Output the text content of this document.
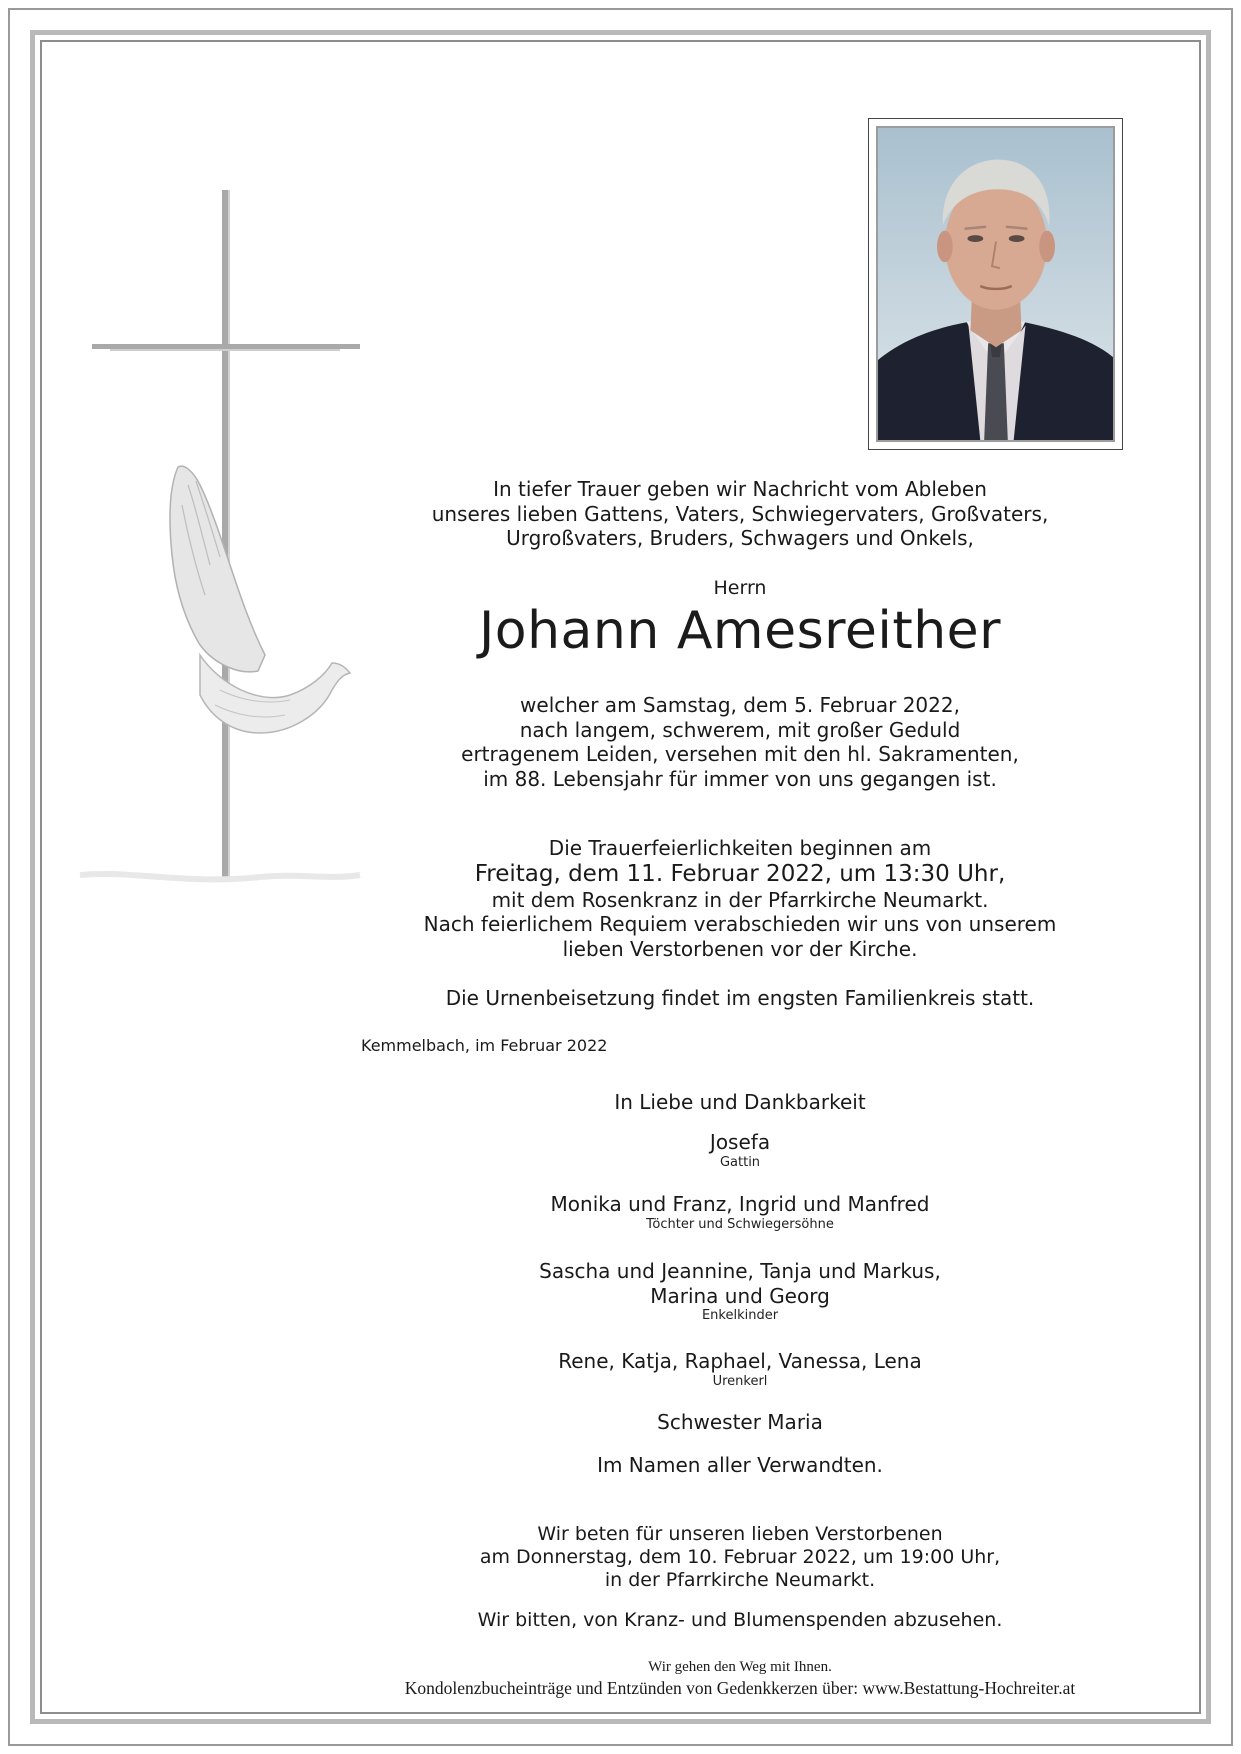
In tiefer Trauer geben wir Nachricht vom Ableben

unseres lieben Gattens, Vaters, Schwiegervaters, Großvaters,

Urgroßvaters, Bruders, Schwagers und Onkels,

Herrn

Johann Amesreither

welcher am Samstag, dem 5. Februar 2022,

nach langem, schwerem, mit großer Geduld

ertragenem Leiden, versehen mit den hl. Sakramenten,

im 88. Lebensjahr für immer von uns gegangen ist.

Die Trauerfeierlichkeiten beginnen am

Freitag, dem 11. Februar 2022, um 13:30 Uhr,

mit dem Rosenkranz in der Pfarrkirche Neumarkt.

Nach feierlichem Requiem verabschieden wir uns von unserem

lieben Verstorbenen vor der Kirche.

Die Urnenbeisetzung findet im engsten Familienkreis statt.

Kemmelbach, im Februar 2022

In Liebe und Dankbarkeit

Josefa

Gattin

Monika und Franz, Ingrid und Manfred

Töchter und Schwiegersöhne

Sascha und Jeannine, Tanja und Markus,

Marina und Georg

Enkelkinder

Rene, Katja, Raphael, Vanessa, Lena

Urenkerl

Schwester Maria

Im Namen aller Verwandten.

Wir beten für unseren lieben Verstorbenen

am Donnerstag, dem 10. Februar 2022, um 19:00 Uhr,

in der Pfarrkirche Neumarkt.

Wir bitten, von Kranz- und Blumenspenden abzusehen.

Wir gehen den Weg mit Ihnen.

Kondolenzbucheinträge und Entzünden von Gedenkkerzen über: www.Bestattung-Hochreiter.at
